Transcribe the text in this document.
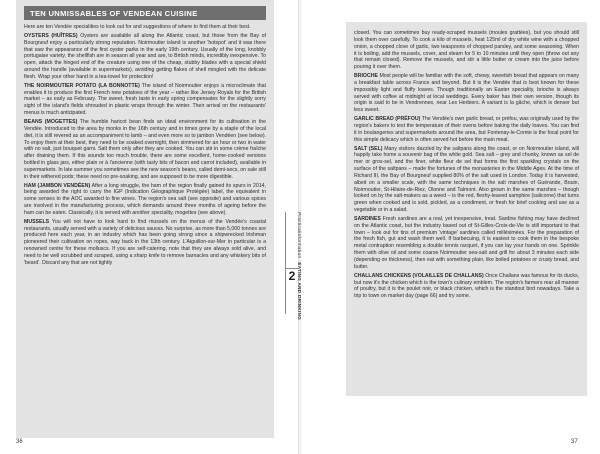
TEN UNMISSABLES OF VENDEAN CUISINE

Here are ten Vendée specialities to look out for and suggestions of where to find them at their best.

OYSTERS (HUÎTRES) Oysters are available all along the Atlantic coast, but those from the Bay of Bourgneuf enjoy a particularly strong reputation. Noirmoutier island is another 'hotspot' and it was there that saw the appearance of the first oyster parks in the early 19th century. Usually of the long, knobbly portugaise variety, the shellfish are in season all year and are, to British minds, incredibly inexpensive. To open, attack the hinged end of the creature using one of the cheap, stubby blades with a special shield around the handle (available in supermarkets), avoiding getting flakes of shell mingled with the delicate flesh. Wrap your other hand in a tea-towel for protection!

THE NOIRMOUTIER POTATO (LA BONNOTTE) The island of Noirmoutier enjoys a microclimate that enables it to produce the first French new potatoes of the year – rather like Jersey Royals for the British market – as early as February. The sweet, fresh taste in early spring compensates for the slightly sorry sight of the island's fields shrouded in plastic wraps through the winter. Their arrival on the restaurants' menus is much anticipated.

BEANS (MOGETTES) The humble haricot bean finds an ideal environment for its cultivation in the Vendée. Introduced to the area by monks in the 16th century and in times gone by a staple of the local diet, it is still revered as an accompaniment to lamb – and even more so to jambon Vendéen (see below). To enjoy them at their best, they need to be soaked overnight, then simmered for an hour or two in water with no salt, just bouquet garni. Salt them only after they are cooked. You can stir in some crème fraîche after draining them. If this sounds too much trouble, there are some excellent, home-cooked versions bottled in glass jars, either plain or à l'ancienne (with tasty bits of bacon and carrot included), available in supermarkets. In late summer you sometimes see the new season's beans, called demi-secs, on sale still in their withered pods; these need no pre-soaking, and are supposed to be more digestible.

HAM (JAMBON VENDÉEN) After a long struggle, the ham of the region finally gained its spurs in 2014, being awarded the right to carry the IGP (Indication Géographique Protégée) label, the equivalent in some senses to the AOC awarded to fine wines. The region's sea salt (see opposite) and various spices are involved in the manufacturing process, which demands around three months of ageing before the ham can be eaten. Classically, it is served with another speciality, mogettes (see above).

MUSSELS You will not have to look hard to find mussels on the menus of the Vendée's coastal restaurants, usually served with a variety of delicious sauces. No surprise, as more than 5,000 tonnes are produced here each year, in an industry which has been going strong since a shipwrecked Irishman pioneered their cultivation on ropes, way back in the 13th century. L'Aiguillon-sur-Mer in particular is a renowned centre for these molluscs. If you are self-catering, note that they are always sold alive, and need to be well scrubbed and scraped, using a sharp knife to remove barnacles and any whiskery bits of 'beard'. Discard any that are not tightly

36

closed. You can sometimes buy ready-scraped mussels (moules grattées), but you should still look them over carefully. To cook a kilo of mussels, heat 125ml of dry white wine with a chopped onion, a chopped clove of garlic, two teaspoons of chopped parsley, and some seasoning. When it is boiling, add the mussels, cover, and steam for 5 to 10 minutes until they open (throw out any that remain closed). Remove the mussels, and stir a little butter or cream into the juice before pouring it over them.

BRIOCHE Most people will be familiar with the soft, chewy, sweetish bread that appears on many a breakfast table across France and beyond. But it is the Vendée that is best known for these impossibly light and fluffy loaves. Though traditionally an Easter speciality, brioche is always served with coffee at midnight at local weddings. Every baker has their own version, though its origin is said to be in Vendrennes, near Les Herbiers. A variant is la gâche, which is denser but less sweet.

GARLIC BREAD (PRÉFOU) The Vendée's own garlic bread, or préfou, was originally used by the region's bakers to test the temperature of their ovens before baking the daily loaves. You can find it in boulangeries and supermarkets around the area, but Fontenay-le-Comte is the focal point for this simple delicacy which is often served hot before the main meal.

SALT (SEL) Many visitors dazzled by the saltpans along the coast, or on Noirmoutier island, will happily take home a souvenir bag of the white gold. Sea salt – grey and chunky, known as sel de mer or gros-sel, and the finer, white fleur de sel that forms the first sparkling crystals on the surface of the saltpans – made the fortunes of the monasteries in the Middle Ages. At the time of Richard III, the Bay of Bourgneuf supplied 80% of the salt used in London. Today it is harvested, albeit on a smaller scale, with the same techniques in the salt marshes of Guérande, Bouin, Noirmoutier, St-Hilaire-de-Riez, Olonne and Talmont. Also grown in the same marshes – though looked on by the salt-makers as a weed – is the red, fleshy-leaved samphire (salicorne) that turns green when cooked and is sold, pickled, as a condiment, or fresh for brief cooking and use as a vegetable or in a salad.

SARDINES Fresh sardines are a real, yet inexpensive, treat. Sardine fishing may have declined on the Atlantic coast, but the industry based out of St-Gilles-Croix-de-Vie is still important to that town – look out for tins of premium 'vintage' sardines called millésimées. For the preparation of the fresh fish, gut and wash them well. If barbecuing, it is easiest to cook them in the bespoke metal contraption resembling a double tennis racquet, if you can lay your hands on one. Sprinkle them with olive oil and some coarse Noirmoutier sea-salt and grill for about 3 minutes each side (depending on thickness), then eat with something plain, like boiled potatoes or crusty bread, and butter.

CHALLANS CHICKENS (VOLAILLES DE CHALLANS) Once Challans was famous for its ducks, but now it's the chicken which is the town's culinary emblem. The region's farmers rear all manner of poultry, but it is the poulet noir, or black chicken, which is the standout bird nowadays. Take a trip to town on market day (page 66) and try some.

37
PracticalinformationEATING AND DRINKING
2
